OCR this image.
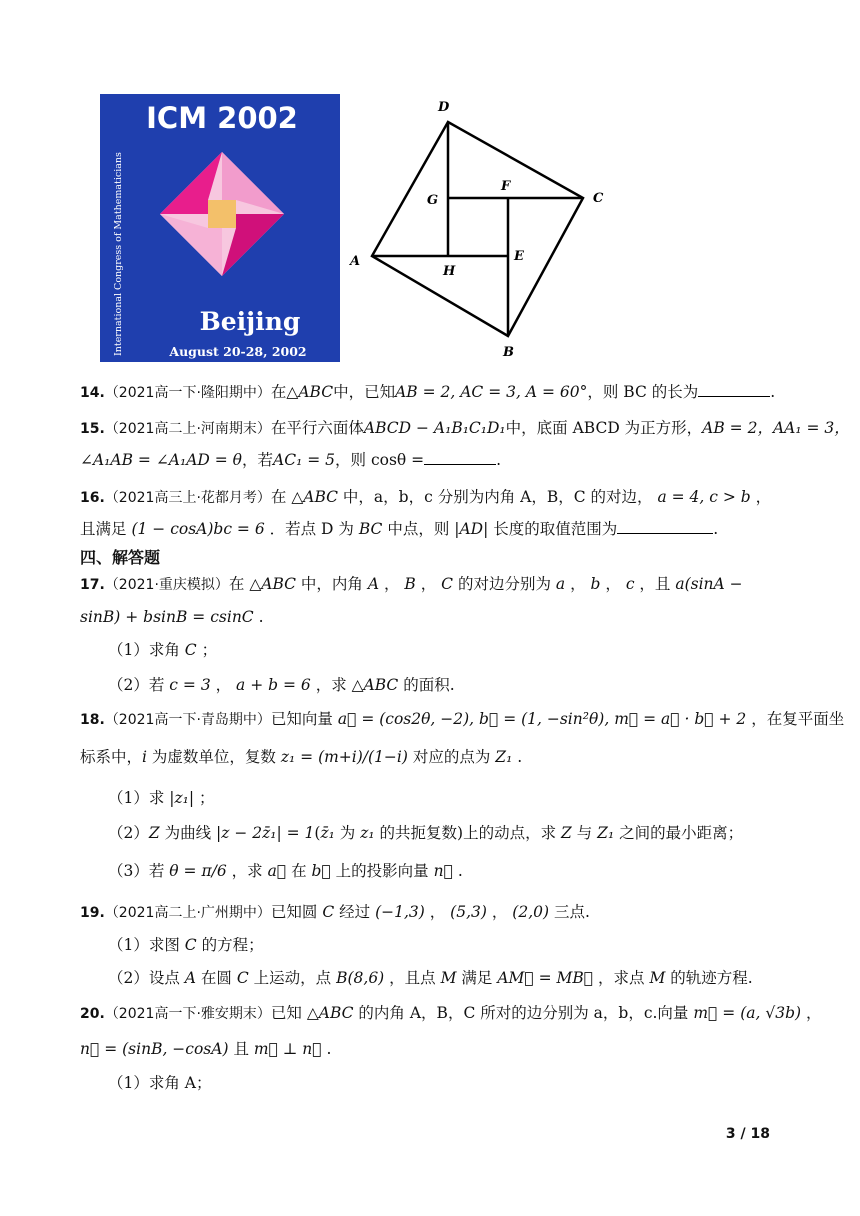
ICM 2002
International Congress of Mathematicians	Beijing
August 20-28, 2002
D
C
B
A
F
G
H
E
14.（2021高一下·隆阳期中）在△ABC中，已知AB = 2, AC = 3, A = 60°，则 BC 的长为	.
15.（2021高二上·河南期末）在平行六面体ABCD − A₁B₁C₁D₁中，底面 ABCD 为正方形，AB = 2，AA₁ = 3，
∠A₁AB = ∠A₁AD = θ，若AC₁ = 5，则 cosθ =	.
16.（2021高三上·花都月考）在 △ABC 中，a，b，c 分别为内角 A，B，C 的对边， a = 4, c > b ，
且满足 (1 − cosA)bc = 6 ．若点 D 为 BC 中点，则 |AD| 长度的取值范围为	.
四、解答题
17.（2021·重庆模拟）在 △ABC 中，内角 A ， B ， C 的对边分别为 a ， b ， c ，且 a(sinA −
sinB) + bsinB = csinC .
（1）求角 C ；
（2）若 c = 3 ， a + b = 6 ，求 △ABC 的面积.
18.（2021高一下·青岛期中）已知向量 a⃗ = (cos2θ, −2), b⃗ = (1, −sin²θ), m⃗ = a⃗ · b⃗ + 2 ，在复平面坐
标系中，i 为虚数单位，复数 z₁ = (m+i)/(1−i) 对应的点为 Z₁ .
（1）求 |z₁| ；
（2）Z 为曲线 |z − 2z̄₁| = 1(z̄₁ 为 z₁ 的共扼复数)上的动点，求 Z 与 Z₁ 之间的最小距离；
（3）若 θ = π/6 ，求 a⃗ 在 b⃗ 上的投影向量 n⃗ .
19.（2021高二上·广州期中）已知圆 C 经过 (−1,3) ， (5,3) ， (2,0) 三点.
（1）求图 C 的方程；
（2）设点 A 在圆 C 上运动，点 B(8,6) ，且点 M 满足 AM⃗ = MB⃗ ，求点 M 的轨迹方程.
20.（2021高一下·雅安期末）已知 △ABC 的内角 A，B，C 所对的边分别为 a，b，c.向量 m⃗ = (a, √3b) ，
n⃗ = (sinB, −cosA) 且 m⃗ ⊥ n⃗ .
（1）求角 A；
3 / 18
